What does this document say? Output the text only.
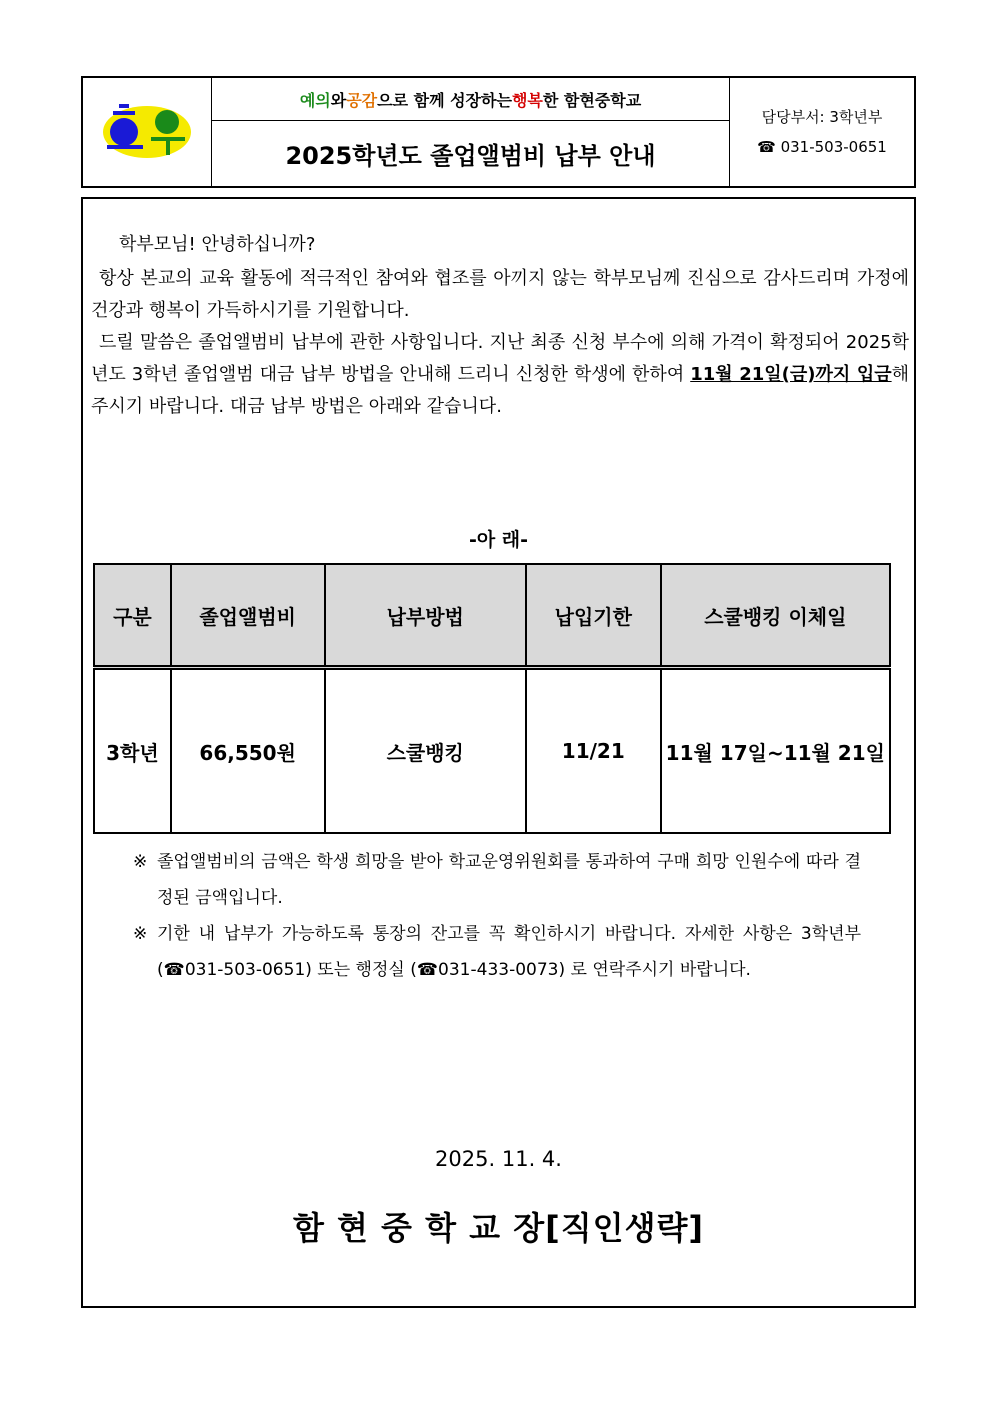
예의 와 공감 으로 함께 성장하는 행복 한 함현중학교
2025학년도 졸업앨범비 납부 안내
담당부서: 3학년부
☎ 031-503-0651
학부모님! 안녕하십니까?
항상 본교의 교육 활동에 적극적인 참여와 협조를 아끼지 않는 학부모님께 진심으로 감사드리며 가정에 건강과 행복이 가득하시기를 기원합니다.
드릴 말씀은 졸업앨범비 납부에 관한 사항입니다. 지난 최종 신청 부수에 의해 가격이 확정되어 2025학년도 3학년 졸업앨범 대금 납부 방법을 안내해 드리니 신청한 학생에 한하여 11월 21일(금)까지 입금해주시기 바랍니다. 대금 납부 방법은 아래와 같습니다.
-아 래-
구분	졸업앨범비	납부방법	납입기한	스쿨뱅킹 이체일
3학년	66,550원	스쿨뱅킹	11/21	11월 17일~11월 21일
※ 졸업앨범비의 금액은 학생 희망을 받아 학교운영위원회를 통과하여 구매 희망 인원수에 따라 결정된 금액입니다.
※ 기한 내 납부가 가능하도록 통장의 잔고를 꼭 확인하시기 바랍니다. 자세한 사항은 3학년부(☎031-503-0651) 또는 행정실 (☎031-433-0073) 로 연락주시기 바랍니다.
2025. 11. 4.
함 현 중 학 교 장[직인생략]
